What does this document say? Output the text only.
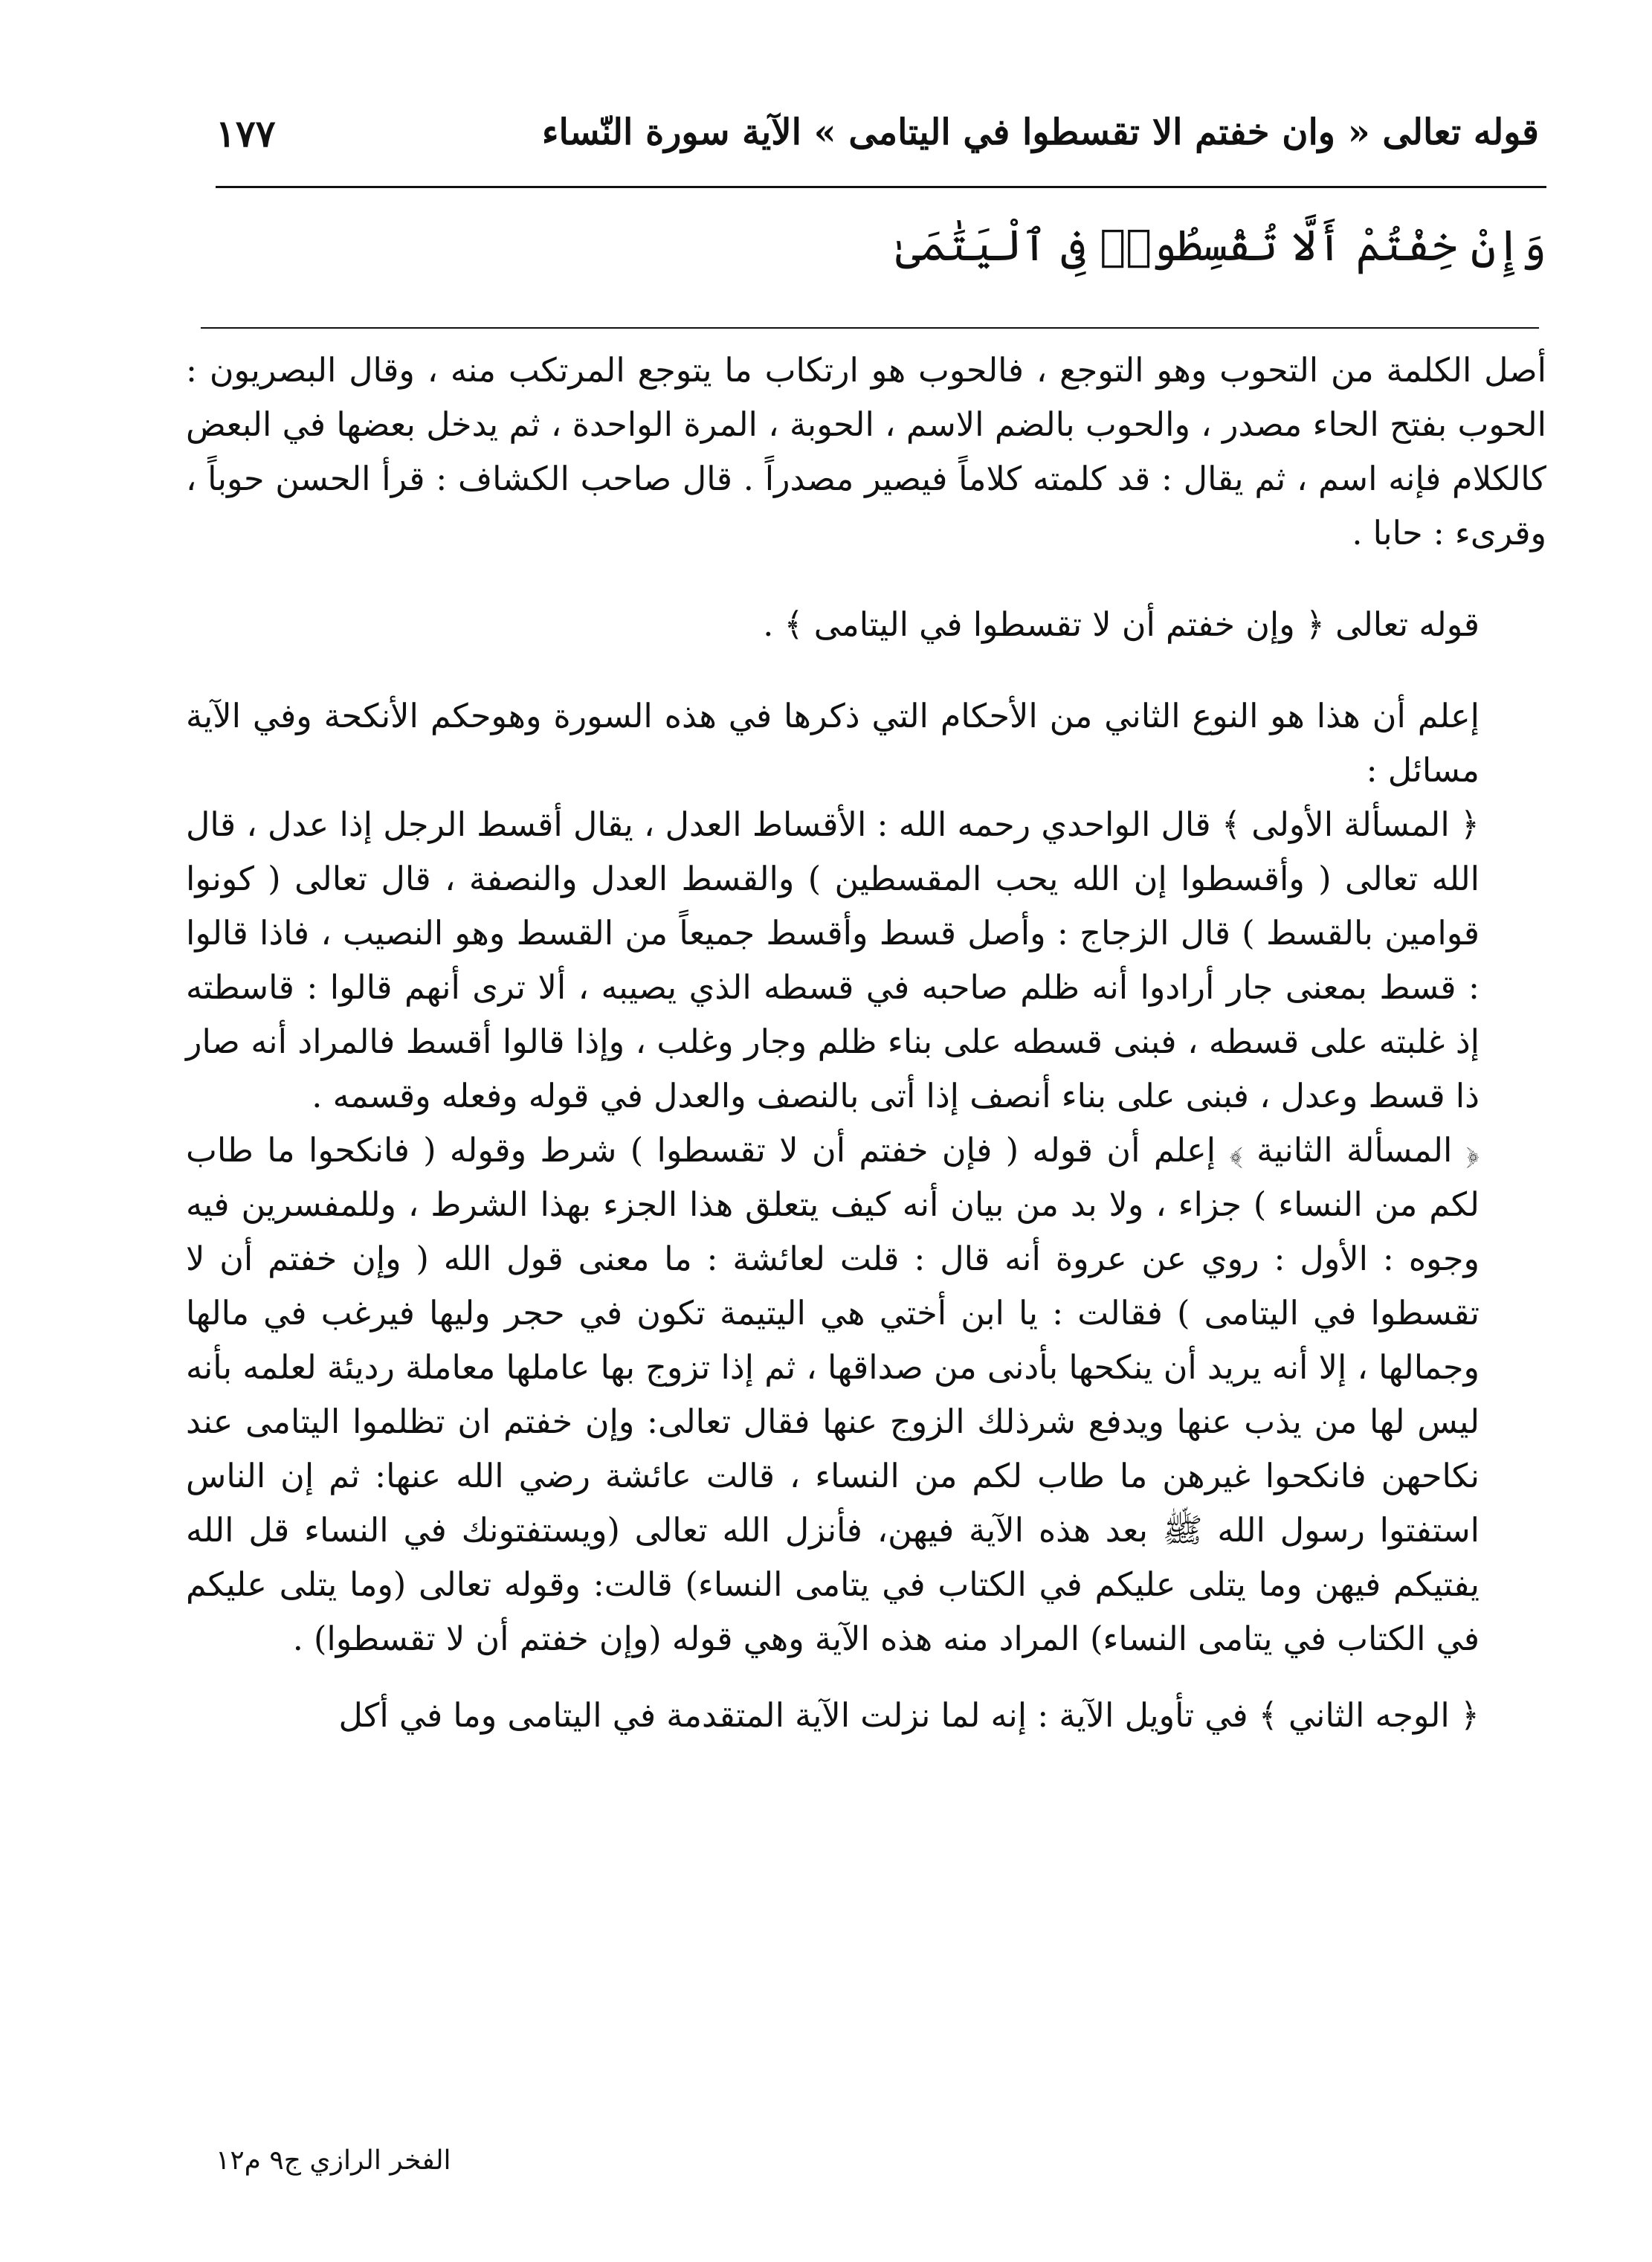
قوله تعالى « وان خفتم الا تقسطوا في اليتامى » الآية سورة النّساء
١٧٧
وَإِنْ خِفْتُمْ أَلَّا تُقْسِطُوا۟ فِى ٱلْيَتَٰمَىٰ

أصل الكلمة من التحوب وهو التوجع ، فالحوب هو ارتكاب ما يتوجع المرتكب منه ، وقال البصريون : الحوب بفتح الحاء مصدر ، والحوب بالضم الاسم ، الحوبة ، المرة الواحدة ، ثم يدخل بعضها في البعض كالكلام فإنه اسم ، ثم يقال : قد كلمته كلاماً فيصير مصدراً . قال صاحب الكشاف : قرأ الحسن حوباً ، وقرىء : حابا .

قوله تعالى ﴿ وإن خفتم أن لا تقسطوا في اليتامى ﴾ .

إعلم أن هذا هو النوع الثاني من الأحكام التي ذكرها في هذه السورة وهوحكم الأنكحة وفي الآية مسائل :

﴿ المسألة الأولى ﴾ قال الواحدي رحمه الله : الأقساط العدل ، يقال أقسط الرجل إذا عدل ، قال الله تعالى ( وأقسطوا إن الله يحب المقسطين ) والقسط العدل والنصفة ، قال تعالى ( كونوا قوامين بالقسط ) قال الزجاج : وأصل قسط وأقسط جميعاً من القسط وهو النصيب ، فاذا قالوا : قسط بمعنى جار أرادوا أنه ظلم صاحبه في قسطه الذي يصيبه ، ألا ترى أنهم قالوا : قاسطته إذ غلبته على قسطه ، فبنى قسطه على بناء ظلم وجار وغلب ، وإذا قالوا أقسط فالمراد أنه صار ذا قسط وعدل ، فبنى على بناء أنصف إذا أتى بالنصف والعدل في قوله وفعله وقسمه .

﴿ المسألة الثانية ﴾ إعلم أن قوله ( فإن خفتم أن لا تقسطوا ) شرط وقوله ( فانكحوا ما طاب لكم من النساء ) جزاء ، ولا بد من بيان أنه كيف يتعلق هذا الجزء بهذا الشرط ، وللمفسرين فيه وجوه : الأول : روي عن عروة أنه قال : قلت لعائشة : ما معنى قول الله ( وإن خفتم أن لا تقسطوا في اليتامى ) فقالت : يا ابن أختي هي اليتيمة تكون في حجر وليها فيرغب في مالها وجمالها ، إلا أنه يريد أن ينكحها بأدنى من صداقها ، ثم إذا تزوج بها عاملها معاملة رديئة لعلمه بأنه ليس لها من يذب عنها ويدفع شرذلك الزوج عنها فقال تعالى: وإن خفتم ان تظلموا اليتامى عند نكاحهن فانكحوا غيرهن ما طاب لكم من النساء ، قالت عائشة رضي الله عنها: ثم إن الناس استفتوا رسول الله ﷺ بعد هذه الآية فيهن، فأنزل الله تعالى (ويستفتونك في النساء قل الله يفتيكم فيهن وما يتلى عليكم في الكتاب في يتامى النساء) قالت: وقوله تعالى (وما يتلى عليكم في الكتاب في يتامى النساء) المراد منه هذه الآية وهي قوله (وإن خفتم أن لا تقسطوا) .

﴿ الوجه الثاني ﴾ في تأويل الآية : إنه لما نزلت الآية المتقدمة في اليتامى وما في أكل

الفخر الرازي ج٩ م١٢
